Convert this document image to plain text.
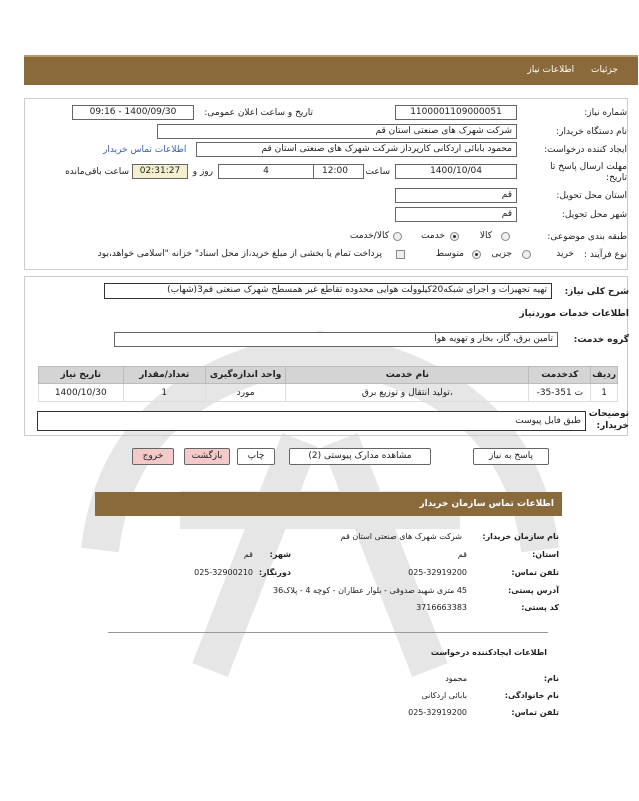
جزئیات اطلاعات نیاز
شماره نیاز:
1100001109000051
تاریخ و ساعت اعلان عمومی:
1400/09/30 - 09:16
نام دستگاه خریدار:
شرکت شهرک های صنعتی استان قم
ایجاد کننده درخواست:
محمود بابائی اردکانی کارپرداز شرکت شهرک های صنعتی استان قم
اطلاعات تماس خریدار
مهلت ارسال پاسخ تا تاریخ:
1400/10/04
ساعت
12:00
4
روز و
02:31:27
ساعت باقی‌مانده
استان محل تحویل:
قم
شهر محل تحویل:
قم
طبقه بندی موضوعی:
کالا
خدمت
کالا/خدمت
نوع فرآیند :
خرید
جزیی
متوسط
پرداخت تمام یا بخشی از مبلغ خرید،از محل اسناد" خزانه "اسلامی خواهد،بود
شرح کلی نیاز:
تهیه تجهیزات و اجرای شبکه20کیلوولت هوایی محدوده تقاطع غیر همسطح شهرک صنعتی قم3(شهاب)
اطلاعات خدمات موردنیاز
گروه خدمت:
تامین برق، گاز، بخار و تهویه هوا
ردیف	کدخدمت	نام خدمت	واحد اندازه‌گیری	تعداد/مقدار	تاریخ نیاز
1	ت 351-35-	،تولید انتقال و توزیع برق	مورد	1	1400/10/30
توضیحات خریدار:
طبق فایل پیوست
پاسخ به نیاز
مشاهده مدارک پیوستی (2)
چاپ
بازگشت
خروج
اطلاعات تماس سازمان خریدار
نام سازمان خریدار:
شرکت شهرک های صنعتی استان قم
استان:
قم
شهر:
قم
تلفن تماس:
025-32919200
دورنگار:
025-32900210
آدرس پستی:
45 متری شهید صدوقی - بلوار عطاران - کوچه 4 - پلاک36
کد پستی:
3716663383
اطلاعات ایجادکننده درخواست
نام:
محمود
نام خانوادگی:
بابائی اردکانی
تلفن تماس:
025-32919200
